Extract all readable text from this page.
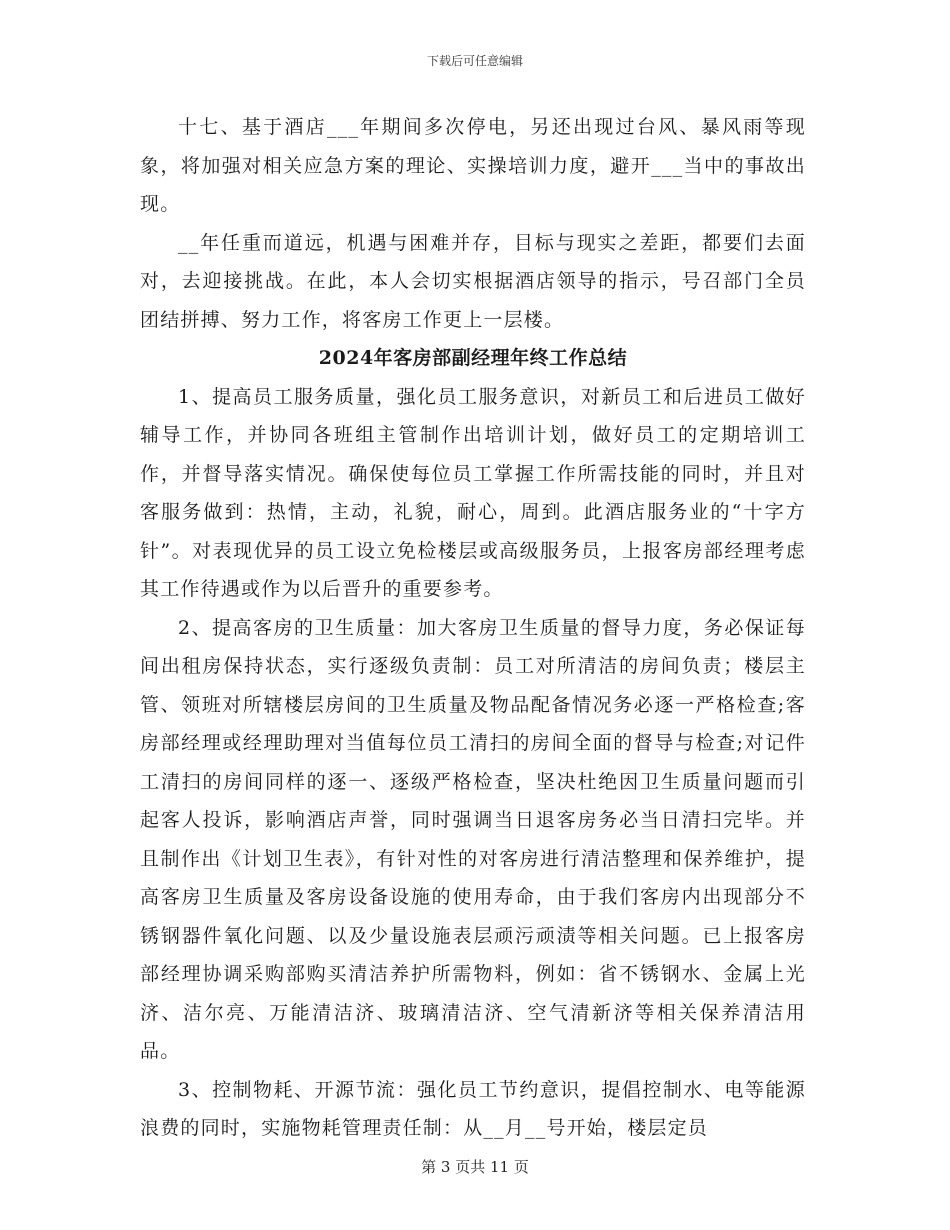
下载后可任意编辑

十七、基于酒店___年期间多次停电，另还出现过台风、暴风雨等现象，将加强对相关应急方案的理论、实操培训力度，避开___当中的事故出现。

__年任重而道远，机遇与困难并存，目标与现实之差距，都要们去面对，去迎接挑战。在此，本人会切实根据酒店领导的指示，号召部门全员团结拼搏、努力工作，将客房工作更上一层楼。

2024年客房部副经理年终工作总结

1、提高员工服务质量，强化员工服务意识，对新员工和后进员工做好辅导工作，并协同各班组主管制作出培训计划，做好员工的定期培训工作，并督导落实情况。确保使每位员工掌握工作所需技能的同时，并且对客服务做到：热情，主动，礼貌，耐心，周到。此酒店服务业的“十字方针”。对表现优异的员工设立免检楼层或高级服务员，上报客房部经理考虑其工作待遇或作为以后晋升的重要参考。

2、提高客房的卫生质量：加大客房卫生质量的督导力度，务必保证每间出租房保持状态，实行逐级负责制：员工对所清洁的房间负责；楼层主管、领班对所辖楼层房间的卫生质量及物品配备情况务必逐一严格检查;客房部经理或经理助理对当值每位员工清扫的房间全面的督导与检查;对记件工清扫的房间同样的逐一、逐级严格检查，坚决杜绝因卫生质量问题而引起客人投诉，影响酒店声誉，同时强调当日退客房务必当日清扫完毕。并且制作出《计划卫生表》，有针对性的对客房进行清洁整理和保养维护，提高客房卫生质量及客房设备设施的使用寿命，由于我们客房内出现部分不锈钢器件氧化问题、以及少量设施表层顽污顽渍等相关问题。已上报客房部经理协调采购部购买清洁养护所需物料，例如：省不锈钢水、金属上光济、洁尔亮、万能清洁济、玻璃清洁济、空气清新济等相关保养清洁用品。

3、控制物耗、开源节流：强化员工节约意识，提倡控制水、电等能源浪费的同时，实施物耗管理责任制：从__月__号开始，楼层定员

第 3 页共 11 页
